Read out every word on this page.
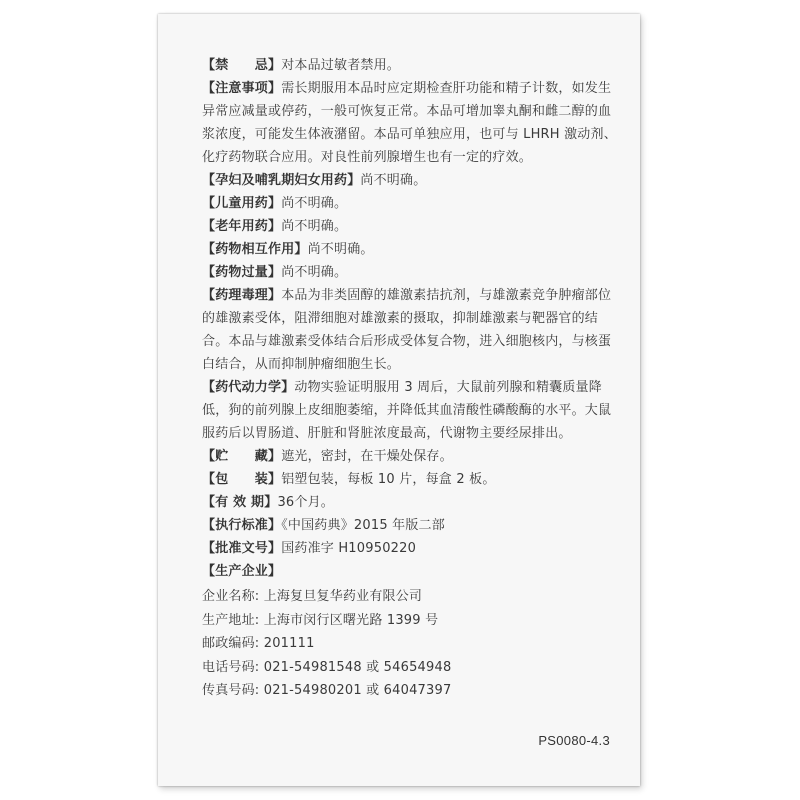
【禁　　忌】对本品过敏者禁用。

【注意事项】需长期服用本品时应定期检查肝功能和精子计数，如发生异常应减量或停药，一般可恢复正常。本品可增加睾丸酮和雌二醇的血浆浓度，可能发生体液潴留。本品可单独应用，也可与 LHRH 激动剂、化疗药物联合应用。对良性前列腺增生也有一定的疗效。

【孕妇及哺乳期妇女用药】尚不明确。

【儿童用药】尚不明确。

【老年用药】尚不明确。

【药物相互作用】尚不明确。

【药物过量】尚不明确。

【药理毒理】本品为非类固醇的雄激素拮抗剂，与雄激素竞争肿瘤部位的雄激素受体，阻滞细胞对雄激素的摄取，抑制雄激素与靶器官的结合。本品与雄激素受体结合后形成受体复合物，进入细胞核内，与核蛋白结合，从而抑制肿瘤细胞生长。

【药代动力学】动物实验证明服用 3 周后，大鼠前列腺和精囊质量降低，狗的前列腺上皮细胞萎缩，并降低其血清酸性磷酸酶的水平。大鼠服药后以胃肠道、肝脏和肾脏浓度最高，代谢物主要经尿排出。

【贮　　藏】遮光，密封，在干燥处保存。

【包　　装】铝塑包装，每板 10 片，每盒 2 板。

【有 效 期】36个月。

【执行标准】《中国药典》2015 年版二部

【批准文号】国药准字 H10950220

【生产企业】

企业名称: 上海复旦复华药业有限公司
生产地址: 上海市闵行区曙光路 1399 号
邮政编码: 201111
电话号码: 021-54981548 或 54654948
传真号码: 021-54980201 或 64047397
PS0080-4.3
